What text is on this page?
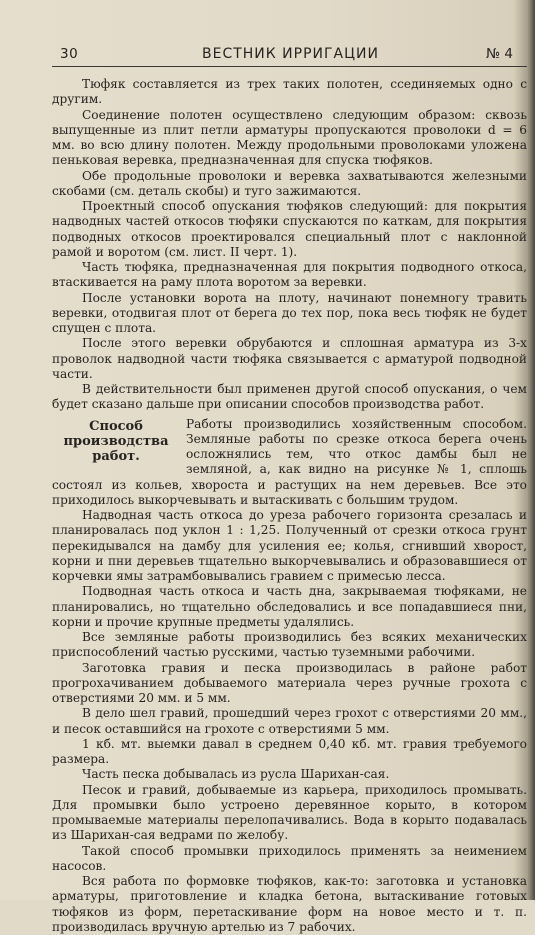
30	ВЕСТНИК ИРРИГАЦИИ	№ 4

Тюфяк составляется из трех таких полотен, ссединяемых одно с другим.

Соединение полотен осуществлено следующим образом: сквозь выпущенные из плит петли арматуры пропускаются проволоки d = 6 мм. во всю длину полотен. Между продольными проволоками уложена пеньковая веревка, предназначенная для спуска тюфяков.

Обе продольные проволоки и веревка захватываются железными скобами (см. деталь скобы) и туго зажимаются.

Проектный способ опускания тюфяков следующий: для покрытия надводных частей откосов тюфяки спускаются по каткам, для покрытия подводных откосов проектировался специальный плот с наклонной рамой и воротом (см. лист. II черт. 1).

Часть тюфяка, предназначенная для покрытия подводного откоса, втаскивается на раму плота воротом за веревки.

После установки ворота на плоту, начинают понемногу травить веревки, отодвигая плот от берега до тех пор, пока весь тюфяк не будет спущен с плота.

После этого веревки обрубаются и сплошная арматура из 3-х проволок надводной части тюфяка связывается с арматурой подводной части.

В действительности был применен другой способ опускания, о чем будет сказано дальше при описании способов производства работ.

Способ производства работ.
Работы производились хозяйственным способом. Земляные работы по срезке откоса берега очень осложнялись тем, что откос дамбы был не земляной, а, как видно на рисунке № 1, сплошь состоял из кольев, хвороста и растущих на нем деревьев. Все это приходилось выкорчевывать и вытаскивать с большим трудом.

Надводная часть откоса до уреза рабочего горизонта срезалась и планировалась под уклон 1 : 1,25. Полученный от срезки откоса грунт перекидывался на дамбу для усиления ее; колья, сгнивший хворост, корни и пни деревьев тщательно выкорчевывались и образовавшиеся от корчевки ямы затрамбовывались гравием с примесью лесса.

Подводная часть откоса и часть дна, закрываемая тюфяками, не планировались, но тщательно обследовались и все попадавшиеся пни, корни и прочие крупные предметы удалялись.

Все земляные работы производились без всяких механических приспособлений частью русскими, частью туземными рабочими.

Заготовка гравия и песка производилась в районе работ прогрохачиванием добываемого материала через ручные грохота с отверстиями 20 мм. и 5 мм.

В дело шел гравий, прошедший через грохот с отверстиями 20 мм., и песок оставшийся на грохоте с отверстиями 5 мм.

1 кб. мт. выемки давал в среднем 0,40 кб. мт. гравия требуемого размера.

Часть песка добывалась из русла Шарихан-сая.

Песок и гравий, добываемые из карьера, приходилось промывать. Для промывки было устроено деревянное корыто, в котором промываемые материалы перелопачивались. Вода в корыто подавалась из Шарихан-сая ведрами по желобу.

Такой способ промывки приходилось применять за неимением насосов.

Вся работа по формовке тюфяков, как-то: заготовка и установка арматуры, приготовление и кладка бетона, вытаскивание готовых тюфяков из форм, перетаскивание форм на новое место и т. п. производилась вручную артелью из 7 рабочих.
